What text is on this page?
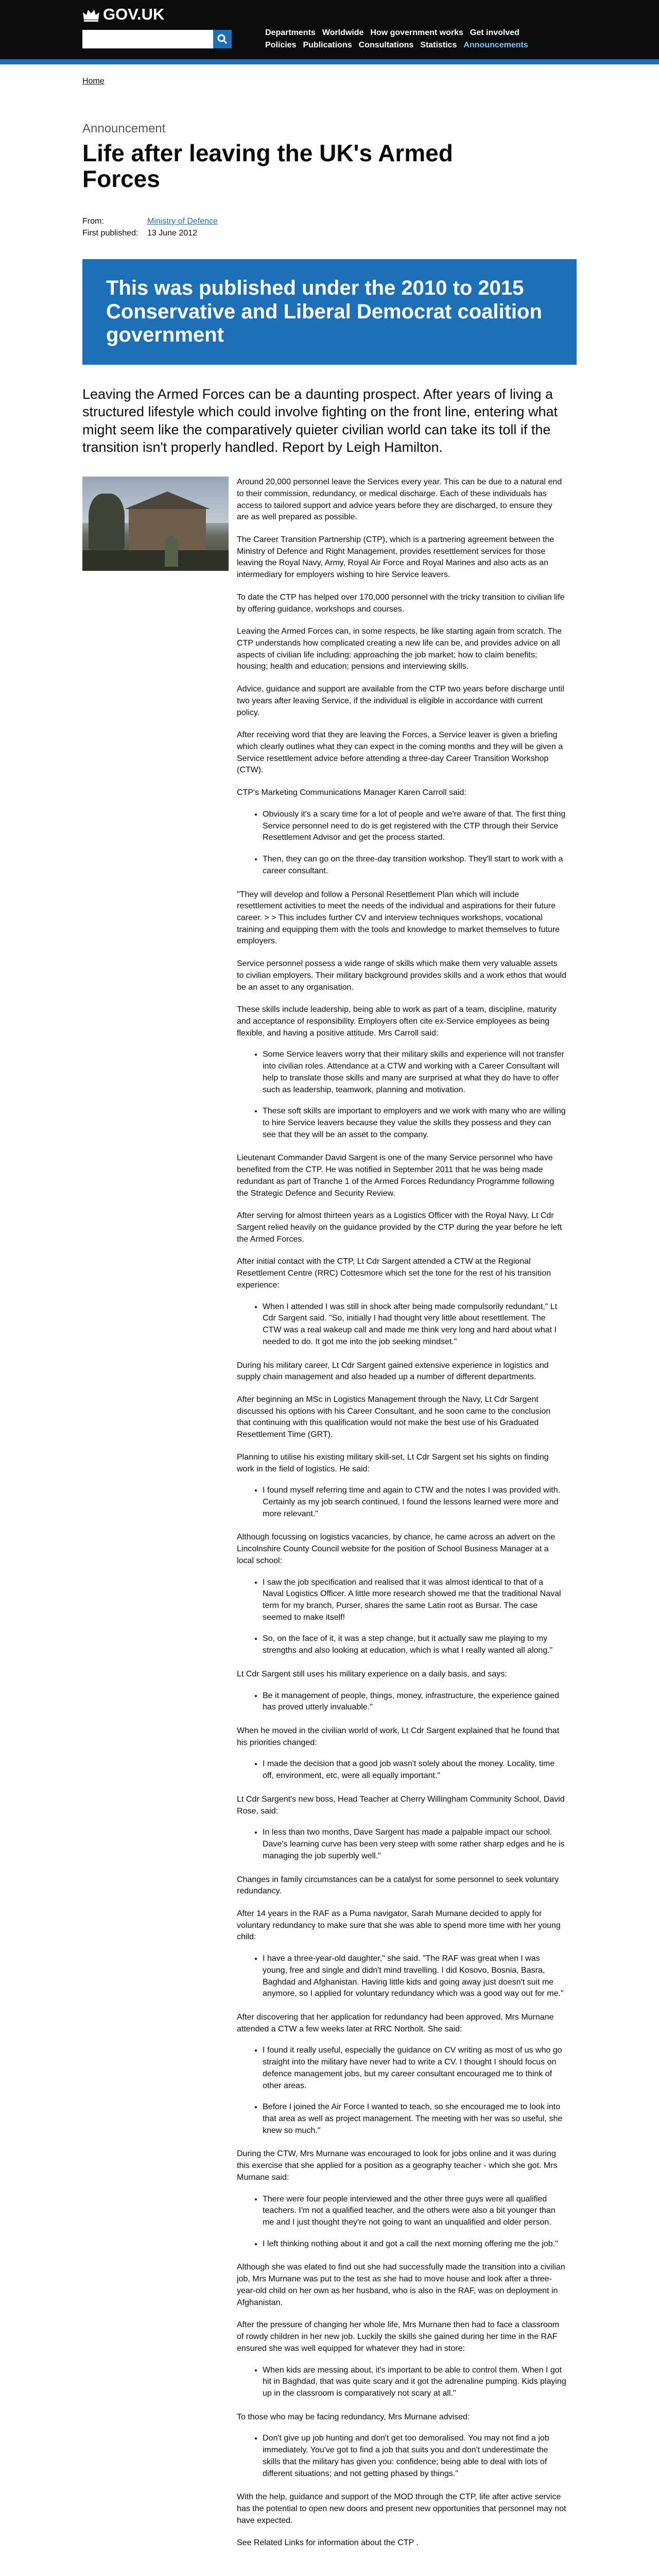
GOV.UK
Departments Worldwide How government works Get involved
Policies Publications Consultations Statistics Announcements
Home
Announcement
Life after leaving the UK's Armed Forces
From:	Ministry of Defence
First published:	13 June 2012

This was published under the 2010 to 2015 Conservative and Liberal Democrat coalition government

Leaving the Armed Forces can be a daunting prospect. After years of living a structured lifestyle which could involve fighting on the front line, entering what might seem like the comparatively quieter civilian world can take its toll if the transition isn't properly handled. Report by Leigh Hamilton.

Around 20,000 personnel leave the Services every year. This can be due to a natural end to their commission, redundancy, or medical discharge. Each of these individuals has access to tailored support and advice years before they are discharged, to ensure they are as well prepared as possible.

The Career Transition Partnership (CTP), which is a partnering agreement between the Ministry of Defence and Right Management, provides resettlement services for those leaving the Royal Navy, Army, Royal Air Force and Royal Marines and also acts as an intermediary for employers wishing to hire Service leavers.

To date the CTP has helped over 170,000 personnel with the tricky transition to civilian life by offering guidance, workshops and courses.

Leaving the Armed Forces can, in some respects, be like starting again from scratch. The CTP understands how complicated creating a new life can be, and provides advice on all aspects of civilian life including: approaching the job market; how to claim benefits; housing; health and education; pensions and interviewing skills.

Advice, guidance and support are available from the CTP two years before discharge until two years after leaving Service, if the individual is eligible in accordance with current policy.

After receiving word that they are leaving the Forces, a Service leaver is given a briefing which clearly outlines what they can expect in the coming months and they will be given a Service resettlement advice before attending a three-day Career Transition Workshop (CTW).

CTP's Marketing Communications Manager Karen Carroll said:

• Obviously it's a scary time for a lot of people and we're aware of that. The first thing Service personnel need to do is get registered with the CTP through their Service Resettlement Advisor and get the process started.
• Then, they can go on the three-day transition workshop. They'll start to work with a career consultant.

"They will develop and follow a Personal Resettlement Plan which will include resettlement activities to meet the needs of the individual and aspirations for their future career. > > This includes further CV and interview techniques workshops, vocational training and equipping them with the tools and knowledge to market themselves to future employers.

Service personnel possess a wide range of skills which make them very valuable assets to civilian employers. Their military background provides skills and a work ethos that would be an asset to any organisation.

These skills include leadership, being able to work as part of a team, discipline, maturity and acceptance of responsibility. Employers often cite ex-Service employees as being flexible, and having a positive attitude. Mrs Carroll said:

• Some Service leavers worry that their military skills and experience will not transfer into civilian roles. Attendance at a CTW and working with a Career Consultant will help to translate those skills and many are surprised at what they do have to offer such as leadership, teamwork, planning and motivation.
• These soft skills are important to employers and we work with many who are willing to hire Service leavers because they value the skills they possess and they can see that they will be an asset to the company.

Lieutenant Commander David Sargent is one of the many Service personnel who have benefited from the CTP. He was notified in September 2011 that he was being made redundant as part of Tranche 1 of the Armed Forces Redundancy Programme following the Strategic Defence and Security Review.

After serving for almost thirteen years as a Logistics Officer with the Royal Navy, Lt Cdr Sargent relied heavily on the guidance provided by the CTP during the year before he left the Armed Forces.

After initial contact with the CTP, Lt Cdr Sargent attended a CTW at the Regional Resettlement Centre (RRC) Cottesmore which set the tone for the rest of his transition experience:

• When I attended I was still in shock after being made compulsorily redundant," Lt Cdr Sargent said. "So, initially I had thought very little about resettlement. The CTW was a real wakeup call and made me think very long and hard about what I needed to do. It got me into the job seeking mindset."

During his military career, Lt Cdr Sargent gained extensive experience in logistics and supply chain management and also headed up a number of different departments.

After beginning an MSc in Logistics Management through the Navy, Lt Cdr Sargent discussed his options with his Career Consultant, and he soon came to the conclusion that continuing with this qualification would not make the best use of his Graduated Resettlement Time (GRT).

Planning to utilise his existing military skill-set, Lt Cdr Sargent set his sights on finding work in the field of logistics. He said:

• I found myself referring time and again to CTW and the notes I was provided with. Certainly as my job search continued, I found the lessons learned were more and more relevant."

Although focussing on logistics vacancies, by chance, he came across an advert on the Lincolnshire County Council website for the position of School Business Manager at a local school:

• I saw the job specification and realised that it was almost identical to that of a Naval Logistics Officer. A little more research showed me that the traditional Naval term for my branch, Purser, shares the same Latin root as Bursar. The case seemed to make itself!
• So, on the face of it, it was a step change, but it actually saw me playing to my strengths and also looking at education, which is what I really wanted all along."

Lt Cdr Sargent still uses his military experience on a daily basis, and says:

• Be it management of people, things, money, infrastructure, the experience gained has proved utterly invaluable."

When he moved in the civilian world of work, Lt Cdr Sargent explained that he found that his priorities changed:

• I made the decision that a good job wasn't solely about the money. Locality, time off, environment, etc, were all equally important."

Lt Cdr Sargent's new boss, Head Teacher at Cherry Willingham Community School, David Rose, said:

• In less than two months, Dave Sargent has made a palpable impact our school. Dave's learning curve has been very steep with some rather sharp edges and he is managing the job superbly well."

Changes in family circumstances can be a catalyst for some personnel to seek voluntary redundancy.

After 14 years in the RAF as a Puma navigator, Sarah Mumane decided to apply for voluntary redundancy to make sure that she was able to spend more time with her young child:

• I have a three-year-old daughter," she said. "The RAF was great when I was young, free and single and didn't mind travelling. I did Kosovo, Bosnia, Basra, Baghdad and Afghanistan. Having little kids and going away just doesn't suit me anymore, so I applied for voluntary redundancy which was a good way out for me."

After discovering that her application for redundancy had been approved, Mrs Murnane attended a CTW a few weeks later at RRC Northolt. She said:

• I found it really useful, especially the guidance on CV writing as most of us who go straight into the military have never had to write a CV. I thought I should focus on defence management jobs, but my career consultant encouraged me to think of other areas.
• Before I joined the Air Force I wanted to teach, so she encouraged me to look into that area as well as project management. The meeting with her was so useful, she knew so much."

During the CTW, Mrs Murnane was encouraged to look for jobs online and it was during this exercise that she applied for a position as a geography teacher - which she got. Mrs Murnane said:

• There were four people interviewed and the other three guys were all qualified teachers. I'm not a qualified teacher, and the others were also a bit younger than me and I just thought they're not going to want an unqualified and older person.
• I left thinking nothing about it and got a call the next morning offering me the job."

Although she was elated to find out she had successfully made the transition into a civilian job, Mrs Murnane was put to the test as she had to move house and look after a three-year-old child on her own as her husband, who is also in the RAF, was on deployment in Afghanistan.

After the pressure of changing her whole life, Mrs Murnane then had to face a classroom of rowdy children in her new job. Luckily the skills she gained during her time in the RAF ensured she was well equipped for whatever they had in store:

• When kids are messing about, it's important to be able to control them. When I got hit in Baghdad, that was quite scary and it got the adrenaline pumping. Kids playing up in the classroom is comparatively not scary at all."

To those who may be facing redundancy, Mrs Murnane advised:

• Don't give up job hunting and don't get too demoralised. You may not find a job immediately. You've got to find a job that suits you and don't underestimate the skills that the military has given you: confidence; being able to deal with lots of different situations; and not getting phased by things."

With the help, guidance and support of the MOD through the CTP, life after active service has the potential to open new doors and present new opportunities that personnel may not have expected.

See Related Links for information about the CTP .
